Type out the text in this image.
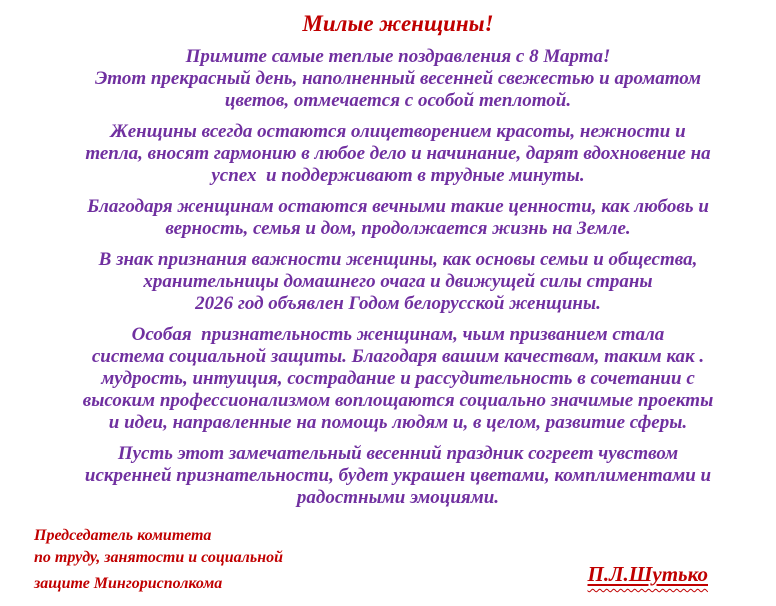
Милые женщины!

Примите самые теплые поздравления с 8 Марта!
Этот прекрасный день, наполненный весенней свежестью и ароматом
цветов, отмечается с особой теплотой.

Женщины всегда остаются олицетворением красоты, нежности и
тепла, вносят гармонию в любое дело и начинание, дарят вдохновение на
успех  и поддерживают в трудные минуты.

Благодаря женщинам остаются вечными такие ценности, как любовь и
верность, семья и дом, продолжается жизнь на Земле.

В знак признания важности женщины, как основы семьи и общества,
хранительницы домашнего очага и движущей силы страны
2026 год объявлен Годом белорусской женщины.

Особая  признательность женщинам, чьим призванием стала
система социальной защиты. Благодаря вашим качествам, таким как .
мудрость, интуиция, сострадание и рассудительность в сочетании с
высоким профессионализмом воплощаются социально значимые проекты
и идеи, направленные на помощь людям и, в целом, развитие сферы.

Пусть этот замечательный весенний праздник согреет чувством
искренней признательности, будет украшен цветами, комплиментами и
радостными эмоциями.

Председатель комитета
по труду, занятости и социальной
защите Мингорисполкома	П.Л.Шутько
